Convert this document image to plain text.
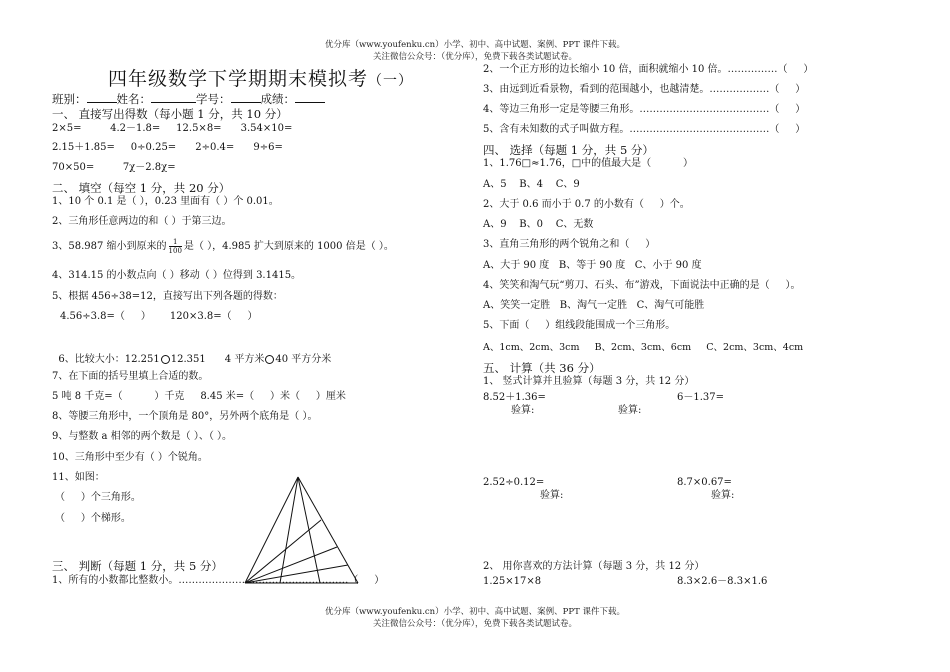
优分库（www.youfenku.cn）小学、初中、高中试题、案例、PPT 课件下载。
关注微信公众号：（优分库），免费下载各类试题试卷。
四年级数学下学期期末模拟考（一）
班别：	姓名：	学号：	成绩：
一、 直接写出得数（每小题 1 分，共 10 分）
2×5=         4.2－1.8=     12.5×8=      3.54×10=
2.15＋1.85=     0÷0.25=      2÷0.4=      9÷6=
70×50=         7χ－2.8χ=
二、 填空（每空 1 分，共 20 分）
1、10 个 0.1 是（ ），0.23 里面有（ ）个 0.01。
2、三角形任意两边的和（ ）于第三边。
3、58.987 缩小到原来的 $\frac{1}{100}$ 是（ ），4.985 扩大到原来的 1000 倍是（ ）。
4、314.15 的小数点向（ ）移动（ ）位得到 3.1415。
5、根据 456÷38=12，直接写出下列各题的得数：
4.56÷3.8=（     ）      120×3.8=（     ）

6、比较大小：12.251 12.351      4 平方米 40 平方分米

7、在下面的括号里填上合适的数。
5 吨 8 千克=（          ）千克     8.45 米=（     ）米（     ）厘米
8、等腰三角形中，一个顶角是 80°，另外两个底角是（ ）。
9、与整数 a 相邻的两个数是（ ）、（ ）。
10、三角形中至少有（ ）个锐角。
11、如图：
（     ）个三角形。
（     ）个梯形。
三、 判断（每题 1 分，共 5 分）
1、所有的小数都比整数小。……………………………………………（     ）
2、一个正方形的边长缩小 10 倍，面积就缩小 10 倍。……………（     ）
3、由远到近看景物，看到的范围越小，也越清楚。………………（     ）
4、等边三角形一定是等腰三角形。…………………………………（     ）
5、含有未知数的式子叫做方程。……………………………………（     ）
四、 选择（每题 1 分，共 5 分）
1、1.76□≈1.76，□中的值最大是（          ）
A、5    B、4    C、9
2、大于 0.6 而小于 0.7 的小数有（     ）个。
A、9    B、0    C、无数
3、直角三角形的两个锐角之和（     ）
A、大于 90 度   B、等于 90 度   C、小于 90 度
4、笑笑和淘气玩“剪刀、石头、布”游戏，下面说法中正确的是（     ）。
A、笑笑一定胜   B、淘气一定胜   C、淘气可能胜
5、下面（     ）组线段能围成一个三角形。
A、1cm、2cm、3cm     B、2cm、3cm、6cm     C、2cm、3cm、4cm
五、 计算（共 36 分）
1、 竖式计算并且验算（每题 3 分，共 12 分）
8.52＋1.36=	6－1.37=
验算:	验算:
2.52÷0.12=	8.7×0.67=
验算:	验算:
2、 用你喜欢的方法计算（每题 3 分，共 12 分）
1.25×17×8	8.3×2.6－8.3×1.6
优分库（www.youfenku.cn）小学、初中、高中试题、案例、PPT 课件下载。
关注微信公众号：（优分库），免费下载各类试题试卷。
